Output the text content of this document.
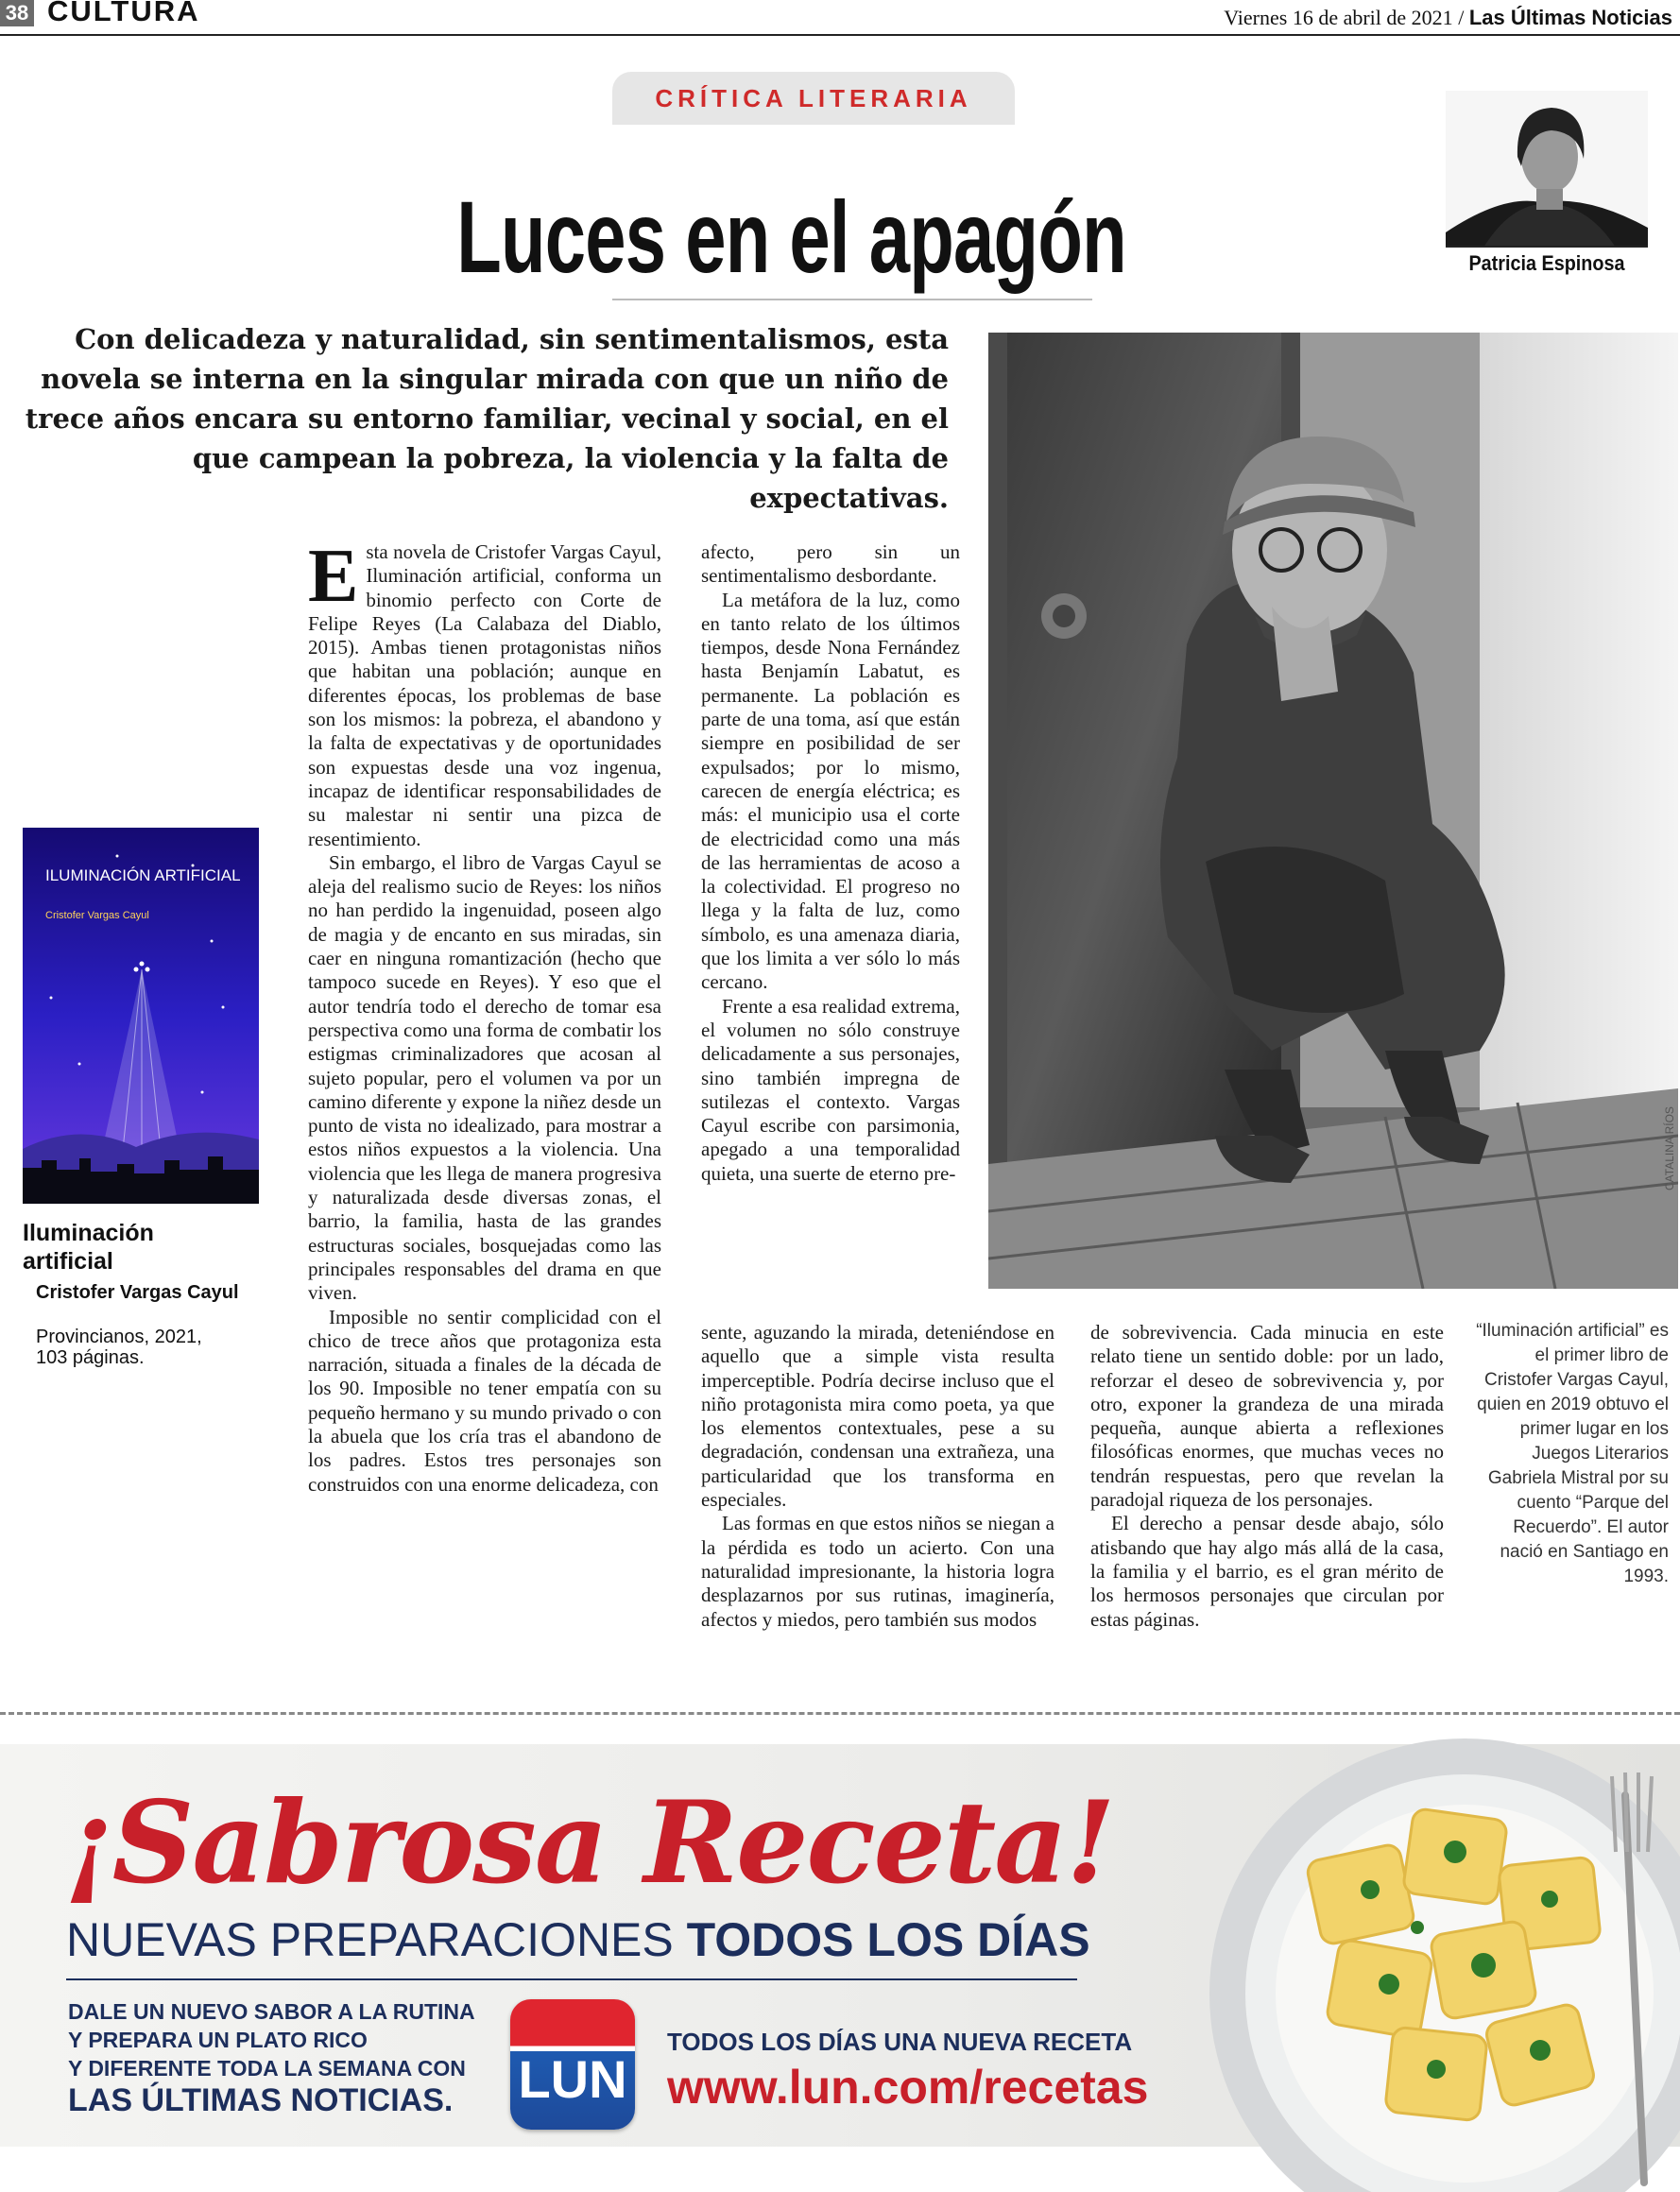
38 CULTURA	Viernes 16 de abril de 2021 / Las Últimas Noticias
CRÍTICA LITERARIA
Luces en el apagón	Patricia Espinosa
Con delicadeza y naturalidad, sin sentimentalismos, esta novela se interna en la singular mirada con que un niño de trece años encara su entorno familiar, vecinal y social, en el que campean la pobreza, la violencia y la falta de expectativas.
CATALINA RÍOS
ILUMINACIÓN ARTIFICIAL
Cristofer Vargas Cayul
Iluminación artificial
Cristofer Vargas Cayul
Provincianos, 2021,
103 páginas.

Esta novela de Cristofer Vargas Cayul, Iluminación artificial, conforma un binomio perfecto con Corte de Felipe Reyes (La Calabaza del Diablo, 2015). Ambas tienen protagonistas niños que habitan una población; aunque en diferentes épocas, los problemas de base son los mismos: la pobreza, el abandono y la falta de expectativas y de oportunidades son expuestas desde una voz ingenua, incapaz de identificar responsabilidades de su malestar ni sentir una pizca de resentimiento.

Sin embargo, el libro de Vargas Cayul se aleja del realismo sucio de Reyes: los niños no han perdido la ingenuidad, poseen algo de magia y de encanto en sus miradas, sin caer en ninguna romantización (hecho que tampoco sucede en Reyes). Y eso que el autor tendría todo el derecho de tomar esa perspectiva como una forma de combatir los estigmas criminalizadores que acosan al sujeto popular, pero el volumen va por un camino diferente y expone la niñez desde un punto de vista no idealizado, para mostrar a estos niños expuestos a la violencia. Una violencia que les llega de manera progresiva y naturalizada desde diversas zonas, el barrio, la familia, hasta de las grandes estructuras sociales, bosquejadas como las principales responsables del drama en que viven.

Imposible no sentir complicidad con el chico de trece años que protagoniza esta narración, situada a finales de la década de los 90. Imposible no tener empatía con su pequeño hermano y su mundo privado o con la abuela que los cría tras el abandono de los padres. Estos tres personajes son construidos con una enorme delicadeza, con

afecto, pero sin un sentimentalismo desbordante.

La metáfora de la luz, como en tanto relato de los últimos tiempos, desde Nona Fernández hasta Benjamín Labatut, es permanente. La población es parte de una toma, así que están siempre en posibilidad de ser expulsados; por lo mismo, carecen de energía eléctrica; es más: el municipio usa el corte de electricidad como una más de las herramientas de acoso a la colectividad. El progreso no llega y la falta de luz, como símbolo, es una amenaza diaria, que los limita a ver sólo lo más cercano.

Frente a esa realidad extrema, el volumen no sólo construye delicadamente a sus personajes, sino también impregna de sutilezas el contexto. Vargas Cayul escribe con parsimonia, apegado a una temporalidad quieta, una suerte de eterno pre-

sente, aguzando la mirada, deteniéndose en aquello que a simple vista resulta imperceptible. Podría decirse incluso que el niño protagonista mira como poeta, ya que los elementos contextuales, pese a su degradación, condensan una extrañeza, una particularidad que los transforma en especiales.

Las formas en que estos niños se niegan a la pérdida es todo un acierto. Con una naturalidad impresionante, la historia logra desplazarnos por sus rutinas, imaginería, afectos y miedos, pero también sus modos

de sobrevivencia. Cada minucia en este relato tiene un sentido doble: por un lado, reforzar el deseo de sobrevivencia y, por otro, exponer la grandeza de una mirada pequeña, aunque abierta a reflexiones filosóficas enormes, que muchas veces no tendrán respuestas, pero que revelan la paradojal riqueza de los personajes.

El derecho a pensar desde abajo, sólo atisbando que hay algo más allá de la casa, la familia y el barrio, es el gran mérito de los hermosos personajes que circulan por estas páginas.

“Iluminación artificial” es el primer libro de Cristofer Vargas Cayul, quien en 2019 obtuvo el primer lugar en los Juegos Literarios Gabriela Mistral por su cuento “Parque del Recuerdo”. El autor nació en Santiago en 1993.
¡Sabrosa Receta!
NUEVAS PREPARACIONES TODOS LOS DÍAS
DALE UN NUEVO SABOR A LA RUTINA
Y PREPARA UN PLATO RICO
Y DIFERENTE TODA LA SEMANA CON
LAS ÚLTIMAS NOTICIAS.	LUN
TODOS LOS DÍAS UNA NUEVA RECETA
www.lun.com/recetas
